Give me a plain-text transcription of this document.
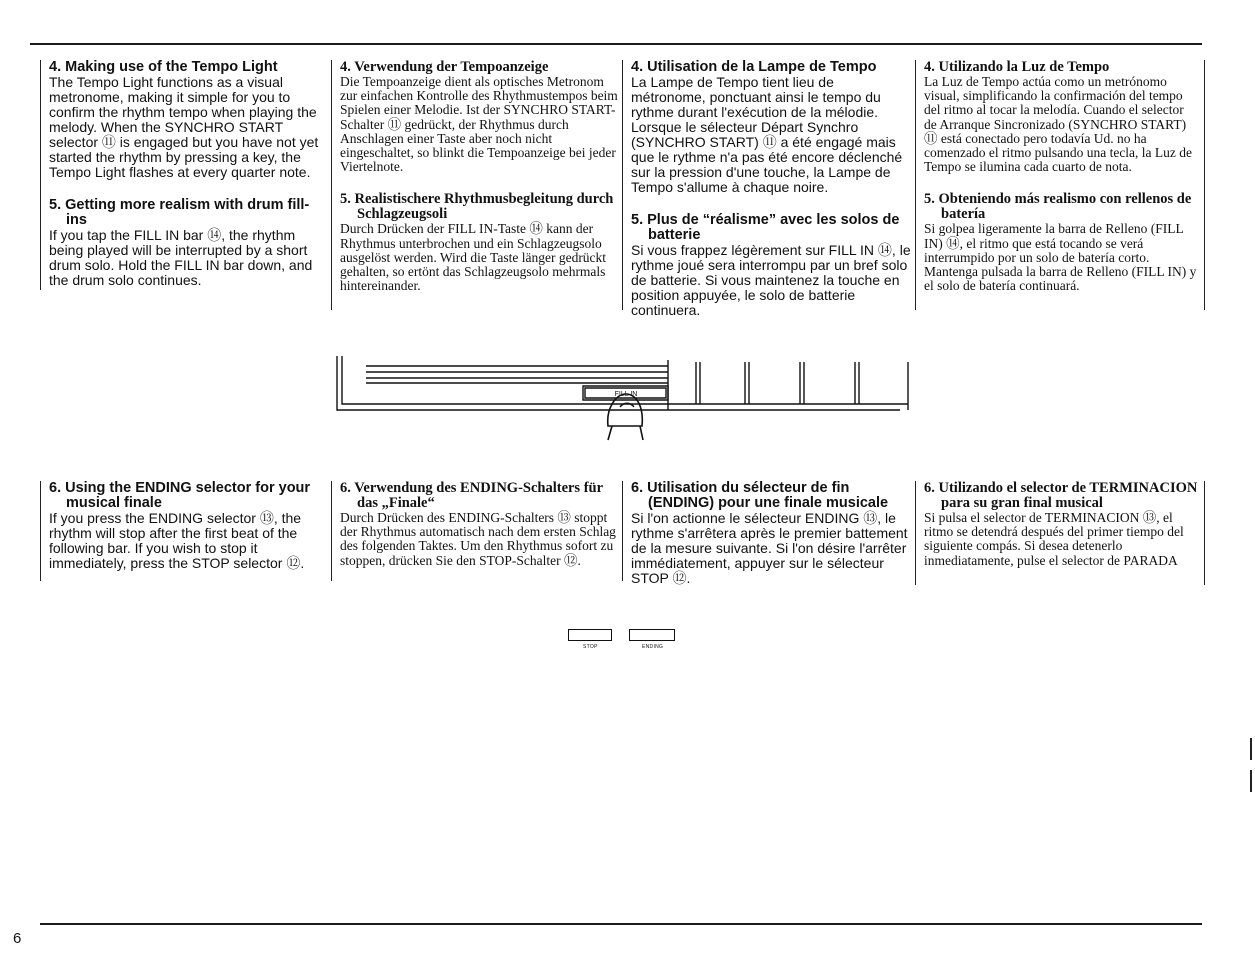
4. Making use of the Tempo Light

The Tempo Light functions as a visual metronome, making it simple for you to confirm the rhythm tempo when playing the melody. When the SYNCHRO START selector ⑪ is engaged but you have not yet started the rhythm by pressing a key, the Tempo Light flashes at every quarter note.

5. Getting more realism with drum fill-ins

If you tap the FILL IN bar ⑭, the rhythm being played will be interrupted by a short drum solo. Hold the FILL IN bar down, and the drum solo continues.

4. Verwendung der Tempoanzeige

Die Tempoanzeige dient als optisches Metronom zur einfachen Kontrolle des Rhythmustempos beim Spielen einer Melodie. Ist der SYNCHRO START-Schalter ⑪ gedrückt, der Rhythmus durch Anschlagen einer Taste aber noch nicht eingeschaltet, so blinkt die Tempoanzeige bei jeder Viertelnote.

5. Realistischere Rhythmusbegleitung durch Schlagzeugsoli

Durch Drücken der FILL IN-Taste ⑭ kann der Rhythmus unterbrochen und ein Schlagzeugsolo ausgelöst werden. Wird die Taste länger gedrückt gehalten, so ertönt das Schlagzeugsolo mehrmals hintereinander.

4. Utilisation de la Lampe de Tempo

La Lampe de Tempo tient lieu de métronome, ponctuant ainsi le tempo du rythme durant l'exécution de la mélodie. Lorsque le sélecteur Départ Synchro (SYNCHRO START) ⑪ a été engagé mais que le rythme n'a pas été encore déclenché sur la pression d'une touche, la Lampe de Tempo s'allume à chaque noire.

5. Plus de “réalisme” avec les solos de batterie

Si vous frappez légèrement sur FILL IN ⑭, le rythme joué sera interrompu par un bref solo de batterie. Si vous maintenez la touche en position appuyée, le solo de batterie continuera.

4. Utilizando la Luz de Tempo

La Luz de Tempo actúa como un metrónomo visual, simplificando la confirmación del tempo del ritmo al tocar la melodía. Cuando el selector de Arranque Sincronizado (SYNCHRO START) ⑪ está conectado pero todavía Ud. no ha comenzado el ritmo pulsando una tecla, la Luz de Tempo se ilumina cada cuarto de nota.

5. Obteniendo más realismo con rellenos de batería

Si golpea ligeramente la barra de Relleno (FILL IN) ⑭, el ritmo que está tocando se verá interrumpido por un solo de batería corto. Mantenga pulsada la barra de Relleno (FILL IN) y el solo de batería continuará.

FILL IN
6. Using the ENDING selector for your musical finale

If you press the ENDING selector ⑬, the rhythm will stop after the first beat of the following bar. If you wish to stop it immediately, press the STOP selector ⑫.

6. Verwendung des ENDING-Schalters für das „Finale“

Durch Drücken des ENDING-Schalters ⑬ stoppt der Rhythmus automatisch nach dem ersten Schlag des folgenden Taktes. Um den Rhythmus sofort zu stoppen, drücken Sie den STOP-Schalter ⑫.

6. Utilisation du sélecteur de fin (ENDING) pour une finale musicale

Si l'on actionne le sélecteur ENDING ⑬, le rythme s'arrêtera après le premier battement de la mesure suivante. Si l'on désire l'arrêter immédiatement, appuyer sur le sélecteur STOP ⑫.

6. Utilizando el selector de TERMINACION para su gran final musical

Si pulsa el selector de TERMINACION ⑬, el ritmo se detendrá después del primer tiempo del siguiente compás. Si desea detenerlo inmediatamente, pulse el selector de PARADA

STOP	ENDING
6
